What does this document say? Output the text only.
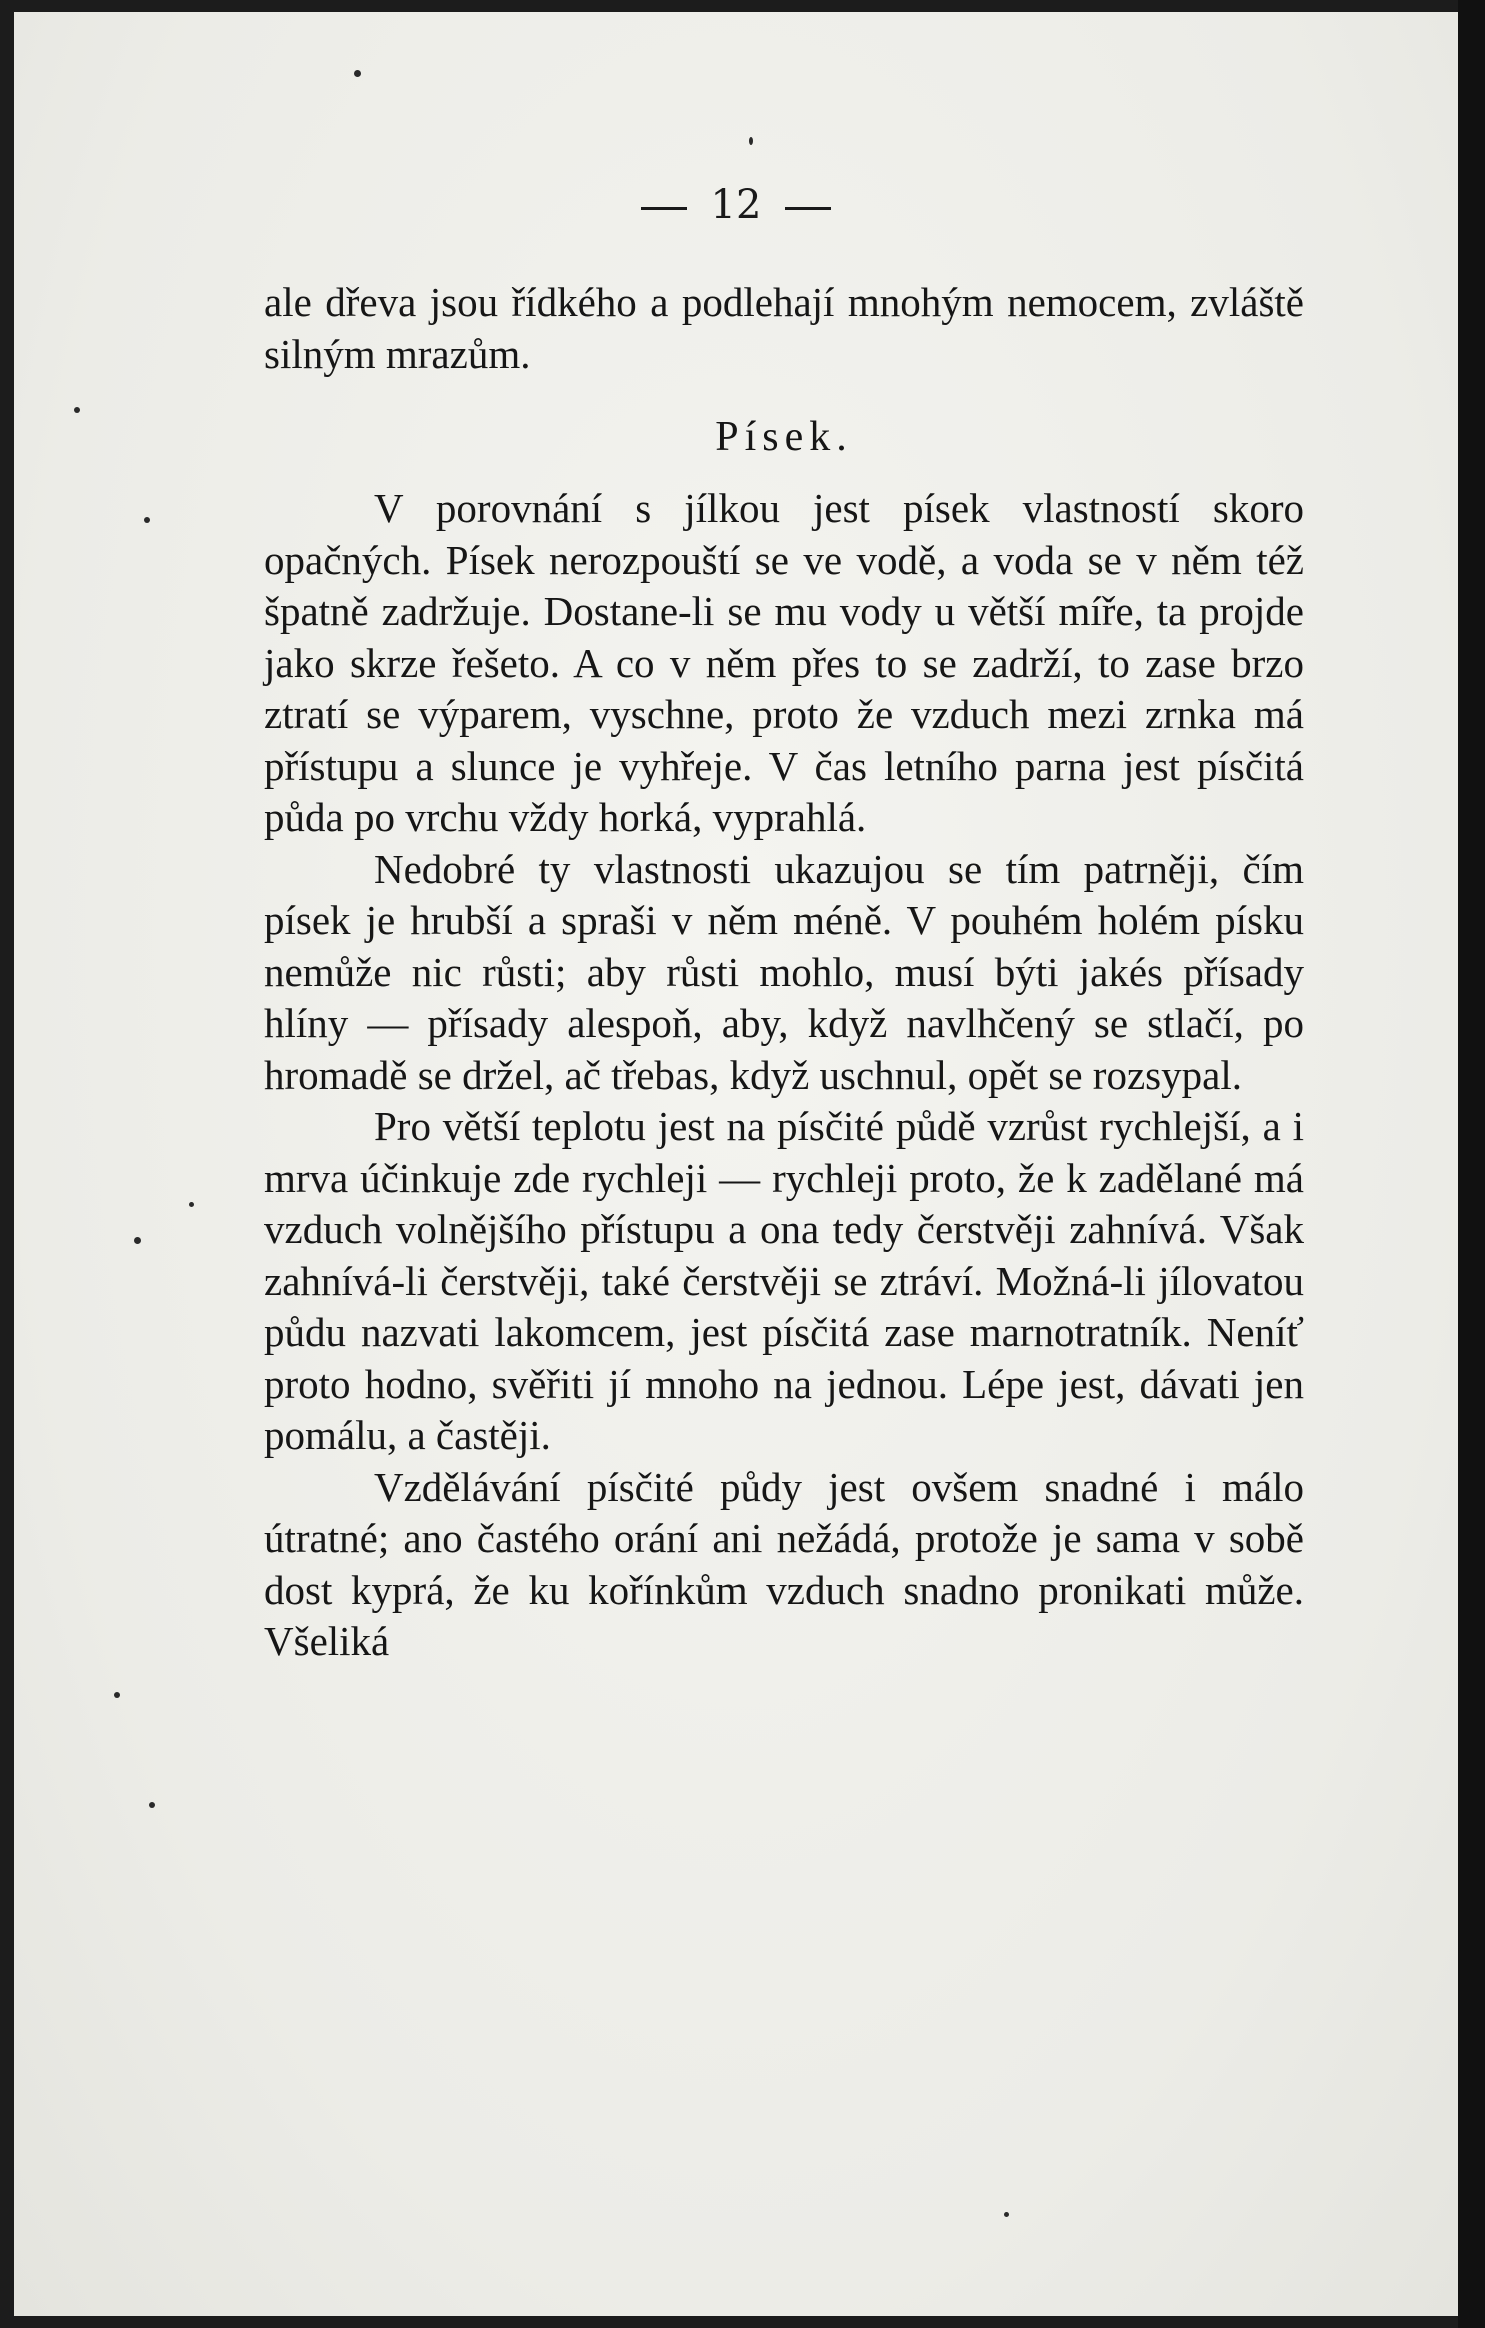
12

ale dřeva jsou řídkého a podlehají mnohým nemocem, zvláště silným mrazům.

Písek.

V porovnání s jílkou jest písek vlastností skoro opačných. Písek nerozpouští se ve vodě, a voda se v něm též špatně zadržuje. Dostane-li se mu vody u větší míře, ta projde jako skrze řešeto. A co v něm přes to se zadrží, to zase brzo ztratí se výparem, vyschne, proto že vzduch mezi zrnka má přístupu a slunce je vyhřeje. V čas letního parna jest písčitá půda po vrchu vždy horká, vyprahlá.

Nedobré ty vlastnosti ukazujou se tím patrněji, čím písek je hrubší a spraši v něm méně. V pouhém holém písku nemůže nic růsti; aby růsti mohlo, musí býti jakés přísady hlíny — přísady alespoň, aby, když navlhčený se stlačí, po hromadě se držel, ač třebas, když uschnul, opět se rozsypal.

Pro větší teplotu jest na písčité půdě vzrůst rychlejší, a i mrva účinkuje zde rychleji — rychleji proto, že k zadělané má vzduch volnějšího přístupu a ona tedy čerstvěji zahnívá. Však zahnívá-li čerstvěji, také čerstvěji se ztráví. Možná-li jílovatou půdu nazvati lakomcem, jest písčitá zase marnotratník. Neníť proto hodno, svěřiti jí mnoho na jednou. Lépe jest, dávati jen pomálu, a častěji.

Vzdělávání písčité půdy jest ovšem snadné i málo útratné; ano častého orání ani nežádá, protože je sama v sobě dost kyprá, že ku kořínkům vzduch snadno pronikati může. Všeliká
